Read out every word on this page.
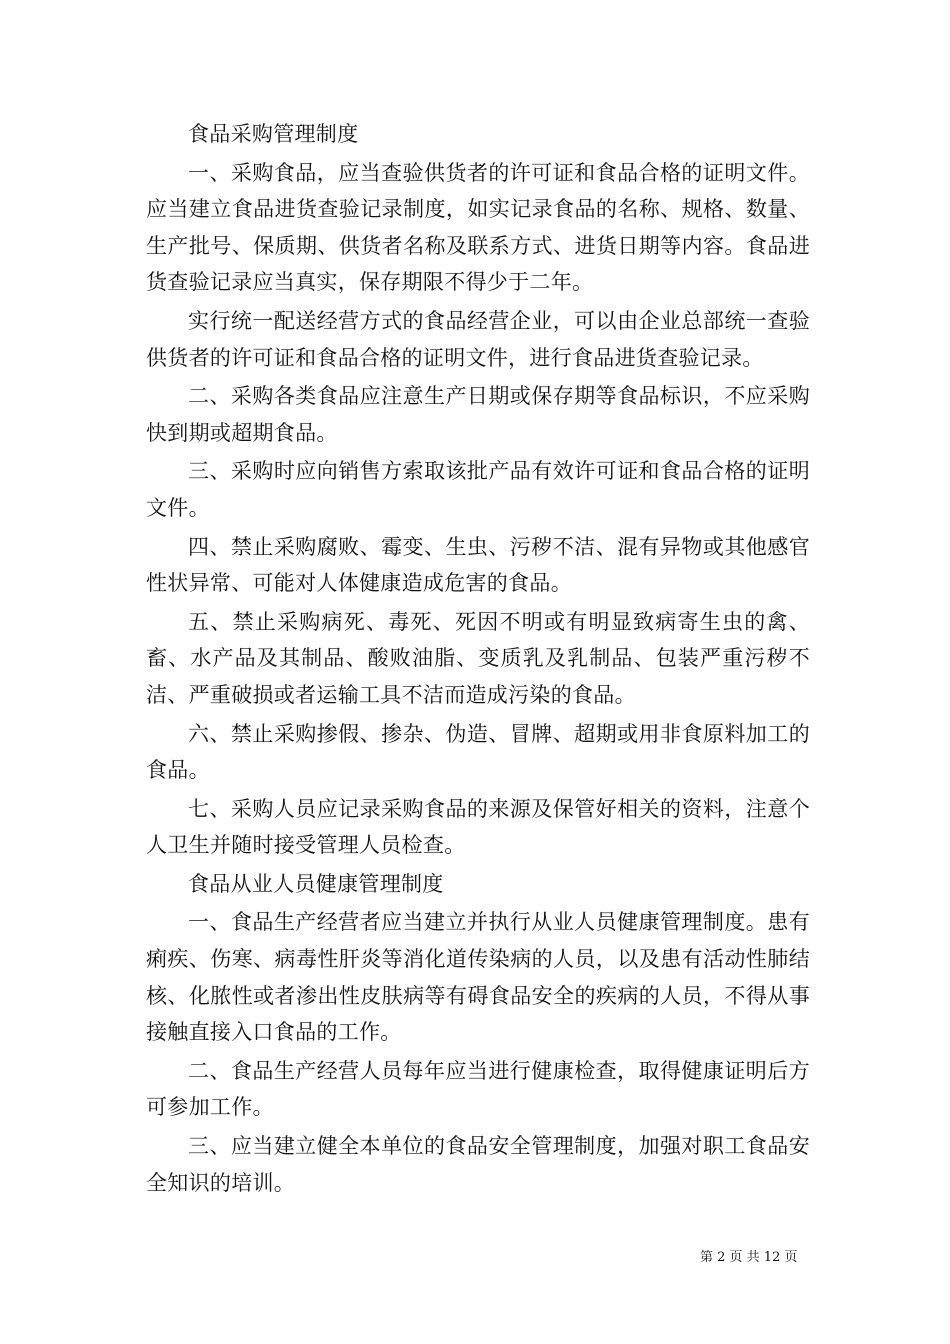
食品采购管理制度

一、采购食品，应当查验供货者的许可证和食品合格的证明文件。应当建立食品进货查验记录制度，如实记录食品的名称、规格、数量、生产批号、保质期、供货者名称及联系方式、进货日期等内容。食品进货查验记录应当真实，保存期限不得少于二年。

实行统一配送经营方式的食品经营企业，可以由企业总部统一查验供货者的许可证和食品合格的证明文件，进行食品进货查验记录。

二、采购各类食品应注意生产日期或保存期等食品标识，不应采购快到期或超期食品。

三、采购时应向销售方索取该批产品有效许可证和食品合格的证明文件。

四、禁止采购腐败、霉变、生虫、污秽不洁、混有异物或其他感官性状异常、可能对人体健康造成危害的食品。

五、禁止采购病死、毒死、死因不明或有明显致病寄生虫的禽、畜、水产品及其制品、酸败油脂、变质乳及乳制品、包装严重污秽不洁、严重破损或者运输工具不洁而造成污染的食品。

六、禁止采购掺假、掺杂、伪造、冒牌、超期或用非食原料加工的食品。

七、采购人员应记录采购食品的来源及保管好相关的资料，注意个人卫生并随时接受管理人员检查。

食品从业人员健康管理制度

一、食品生产经营者应当建立并执行从业人员健康管理制度。患有痢疾、伤寒、病毒性肝炎等消化道传染病的人员，以及患有活动性肺结核、化脓性或者渗出性皮肤病等有碍食品安全的疾病的人员，不得从事接触直接入口食品的工作。

二、食品生产经营人员每年应当进行健康检查，取得健康证明后方可参加工作。

三、应当建立健全本单位的食品安全管理制度，加强对职工食品安全知识的培训。

第 2 页 共 12 页
